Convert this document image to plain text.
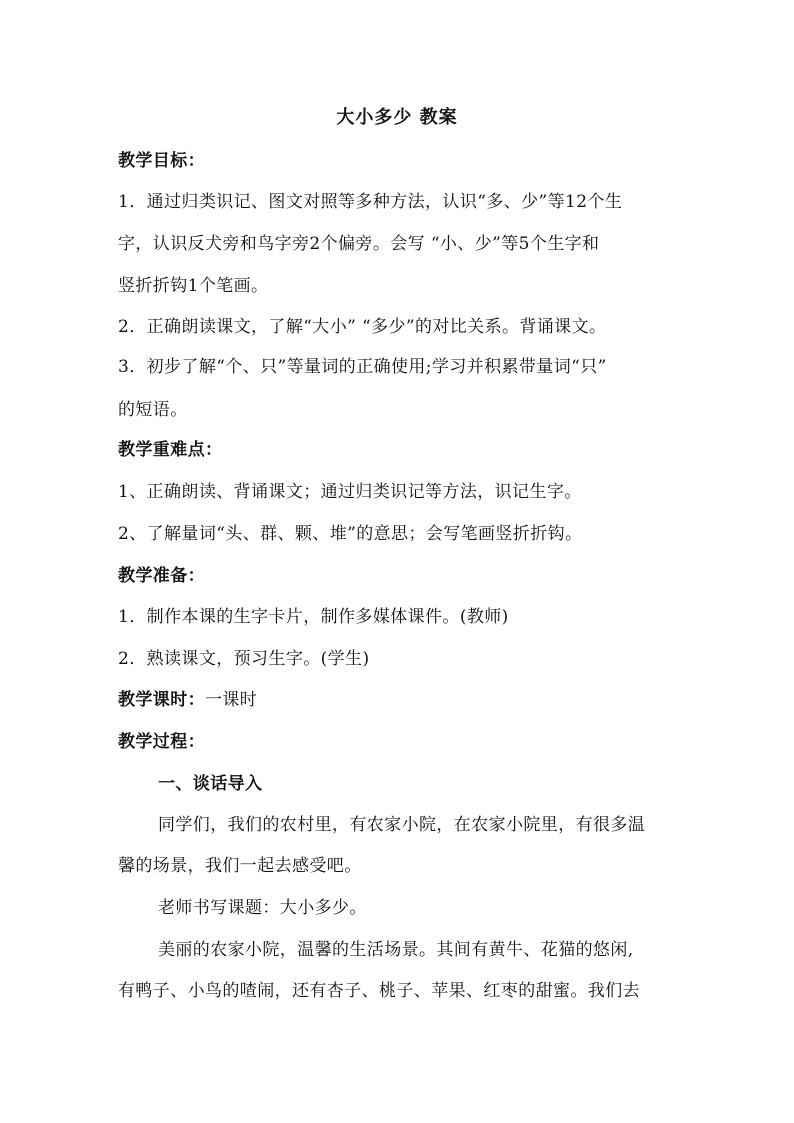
大小多少 教案
教学目标：
1．通过归类识记、图文对照等多种方法，认识“多、少”等12个生
字，认识反犬旁和鸟字旁2个偏旁。会写 “小、少”等5个生字和
竖折折钩1个笔画。
2．正确朗读课文，了解“大小” “多少”的对比关系。背诵课文。
3．初步了解“个、只”等量词的正确使用;学习并积累带量词“只”
的短语。
教学重难点：
1、正确朗读、背诵课文；通过归类识记等方法，识记生字。
2、了解量词“头、群、颗、堆”的意思；会写笔画竖折折钩。
教学准备：
1．制作本课的生字卡片，制作多媒体课件。(教师)
2．熟读课文，预习生字。(学生)
教学课时：一课时
教学过程：
一、谈话导入
同学们，我们的农村里，有农家小院，在农家小院里，有很多温
馨的场景，我们一起去感受吧。
老师书写课题：大小多少。
美丽的农家小院，温馨的生活场景。其间有黄牛、花猫的悠闲,
有鸭子、小鸟的喳闹，还有杏子、桃子、苹果、红枣的甜蜜。我们去
